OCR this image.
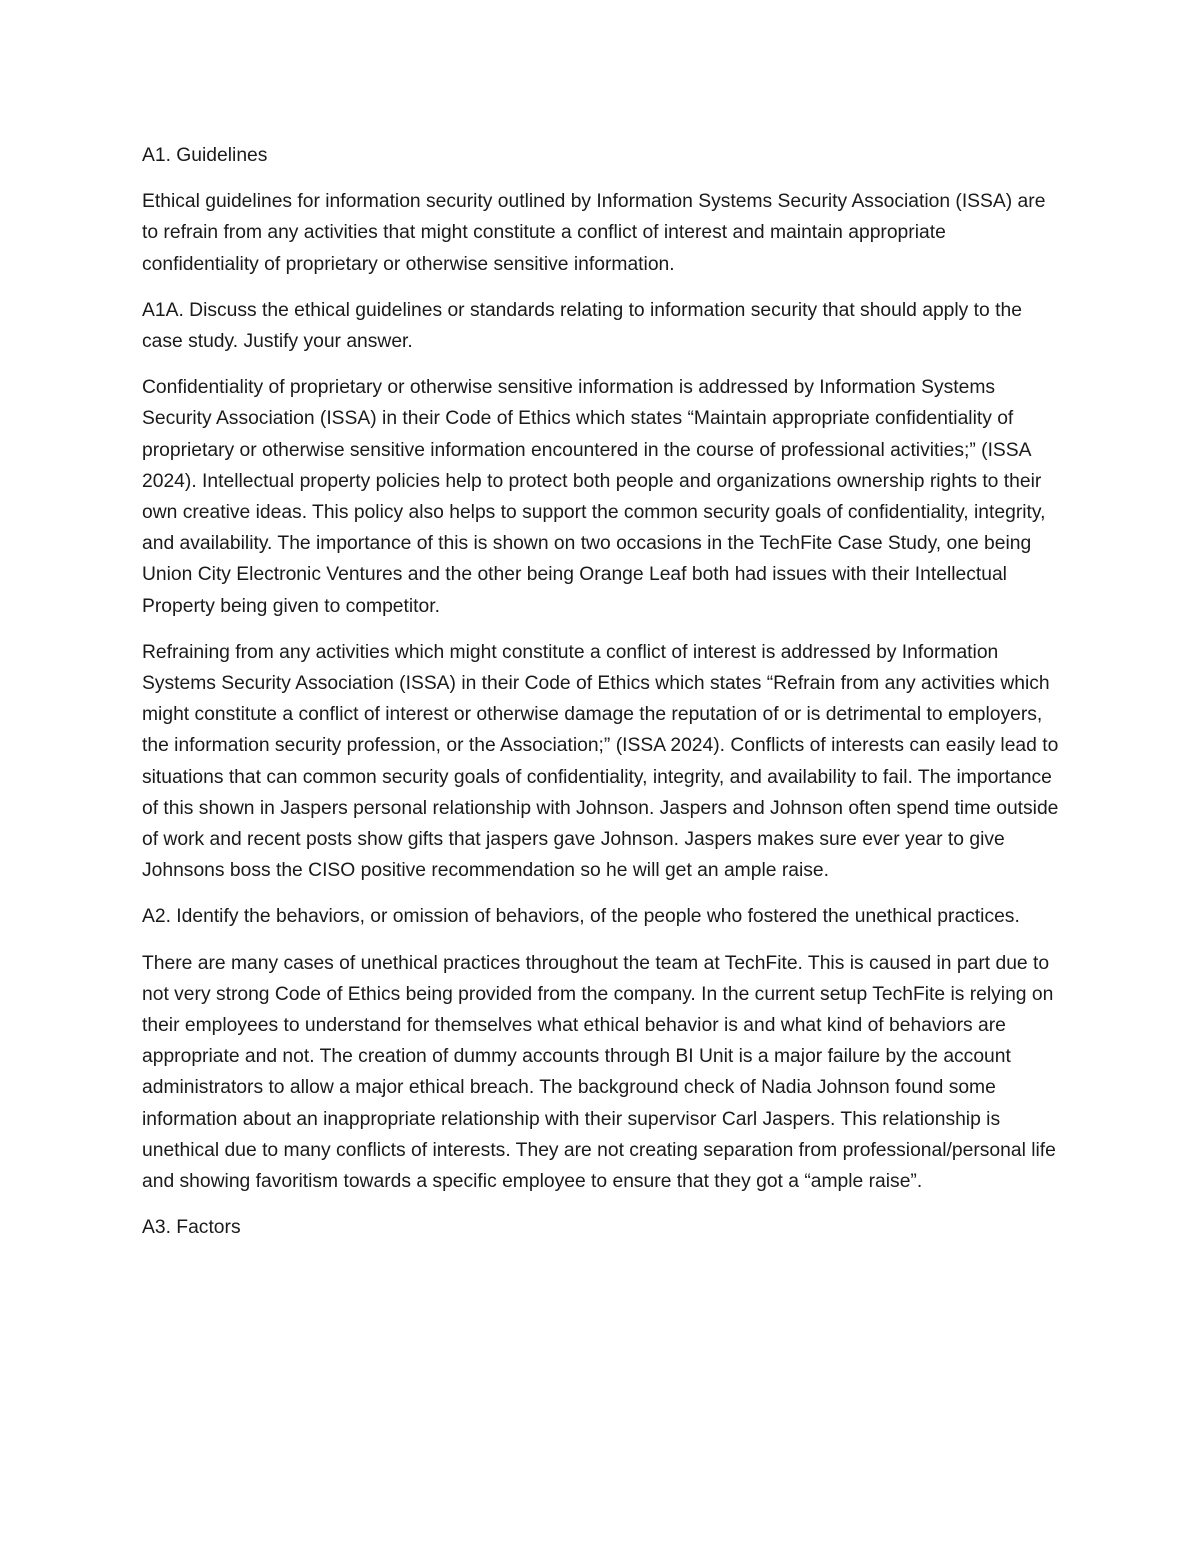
A1. Guidelines

Ethical guidelines for information security outlined by Information Systems Security Association (ISSA) are to refrain from any activities that might constitute a conflict of interest and maintain appropriate confidentiality of proprietary or otherwise sensitive information.

A1A. Discuss the ethical guidelines or standards relating to information security that should apply to the case study. Justify your answer.

Confidentiality of proprietary or otherwise sensitive information is addressed by Information Systems Security Association (ISSA) in their Code of Ethics which states “Maintain appropriate confidentiality of proprietary or otherwise sensitive information encountered in the course of professional activities;” (ISSA 2024). Intellectual property policies help to protect both people and organizations ownership rights to their own creative ideas. This policy also helps to support the common security goals of confidentiality, integrity, and availability. The importance of this is shown on two occasions in the TechFite Case Study, one being Union City Electronic Ventures and the other being Orange Leaf both had issues with their Intellectual Property being given to competitor.

Refraining from any activities which might constitute a conflict of interest is addressed by Information Systems Security Association (ISSA) in their Code of Ethics which states “Refrain from any activities which might constitute a conflict of interest or otherwise damage the reputation of or is detrimental to employers, the information security profession, or the Association;” (ISSA 2024). Conflicts of interests can easily lead to situations that can common security goals of confidentiality, integrity, and availability to fail. The importance of this shown in Jaspers personal relationship with Johnson. Jaspers and Johnson often spend time outside of work and recent posts show gifts that jaspers gave Johnson. Jaspers makes sure ever year to give Johnsons boss the CISO positive recommendation so he will get an ample raise.

A2. Identify the behaviors, or omission of behaviors, of the people who fostered the unethical practices.

There are many cases of unethical practices throughout the team at TechFite. This is caused in part due to not very strong Code of Ethics being provided from the company. In the current setup TechFite is relying on their employees to understand for themselves what ethical behavior is and what kind of behaviors are appropriate and not. The creation of dummy accounts through BI Unit is a major failure by the account administrators to allow a major ethical breach. The background check of Nadia Johnson found some information about an inappropriate relationship with their supervisor Carl Jaspers. This relationship is unethical due to many conflicts of interests. They are not creating separation from professional/personal life and showing favoritism towards a specific employee to ensure that they got a “ample raise”.

A3. Factors
